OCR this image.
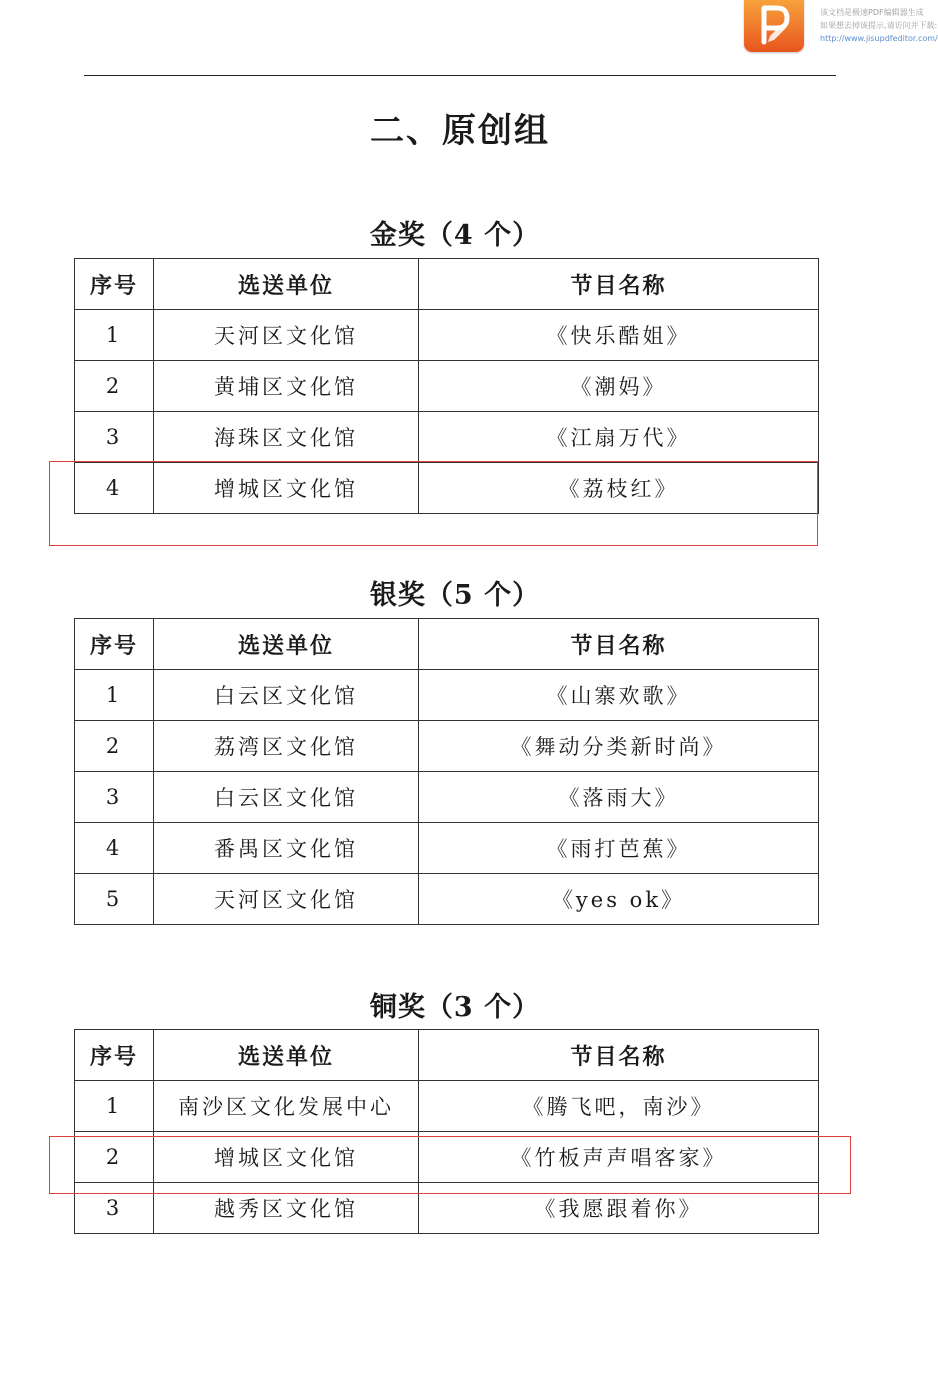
该文档是极速PDF编辑器生成
如果想去掉该提示,请访问并下载:
http://www.jisupdfeditor.com/
二、原创组
金奖（4 个）
序号	选送单位	节目名称
1	天河区文化馆	《快乐酷姐》
2	黄埔区文化馆	《潮妈》
3	海珠区文化馆	《江扇万代》
4	增城区文化馆	《荔枝红》
银奖（5 个）
序号	选送单位	节目名称
1	白云区文化馆	《山寨欢歌》
2	荔湾区文化馆	《舞动分类新时尚》
3	白云区文化馆	《落雨大》
4	番禺区文化馆	《雨打芭蕉》
5	天河区文化馆	《yes ok》
铜奖（3 个）
序号	选送单位	节目名称
1	南沙区文化发展中心	《腾飞吧，南沙》
2	增城区文化馆	《竹板声声唱客家》
3	越秀区文化馆	《我愿跟着你》
